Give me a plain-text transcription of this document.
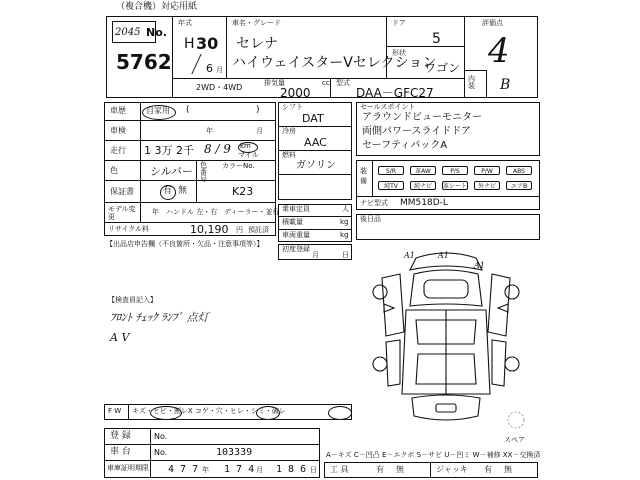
（複合機）対応用紙
2045 No.
5762
年式
H 30
6 月
車名・グレード
セレナ
ハイウェイスターVセレクション
ドア
5
形状
ワゴン
評価点
4
内装 B
2WD・4WD	排気量	cc
2000
型式
DAA－GFC27
車歴	自家用 (	)
車検	年	月
走行 1 3万 2千 8 / 9 km
マイル
色	シルバー 色番号
カラーNo.
保証書	有 無	K23
モデル変更
年 ハンドル 左・右 ディーラー・並行
リサイクル料	10,190 円 預託済
【出品店申告欄（不良箇所・欠品・注意事項等）】
シフト
DAT
冷房
AAC
燃料
ガソリン
乗車定員	人
積載量	kg
車両重量	kg
初度登録
月	日
セールスポイント
アラウンドビューモニター
両側パワースライドドア
セーフティパックA
装備
S/R	革AW	P/S	P/W	ABS
純TV	純ナビ	革シート	外ナビ	エアB
ナビ型式 MM518D-L
後日品
【検査員記入】
ﾌﾛﾝﾄ ﾁｪｯｸ ﾗﾝﾌﾟ 点灯
A V
A1	A1
A1
スペア
F W キズ・ヒビ・割レX コゲ・穴・ヒレ・シミ・破レ
登 録	No.
車 台	No.	103339
車庫証明期限 4 7 7 年 1 7 4 月 1 8 6 日
A－キズ C－凹凸 E－エクボ S－サビ U－凹ミ W－補修 XX－交換済
工 具	有 無	ジャッキ 有 無
